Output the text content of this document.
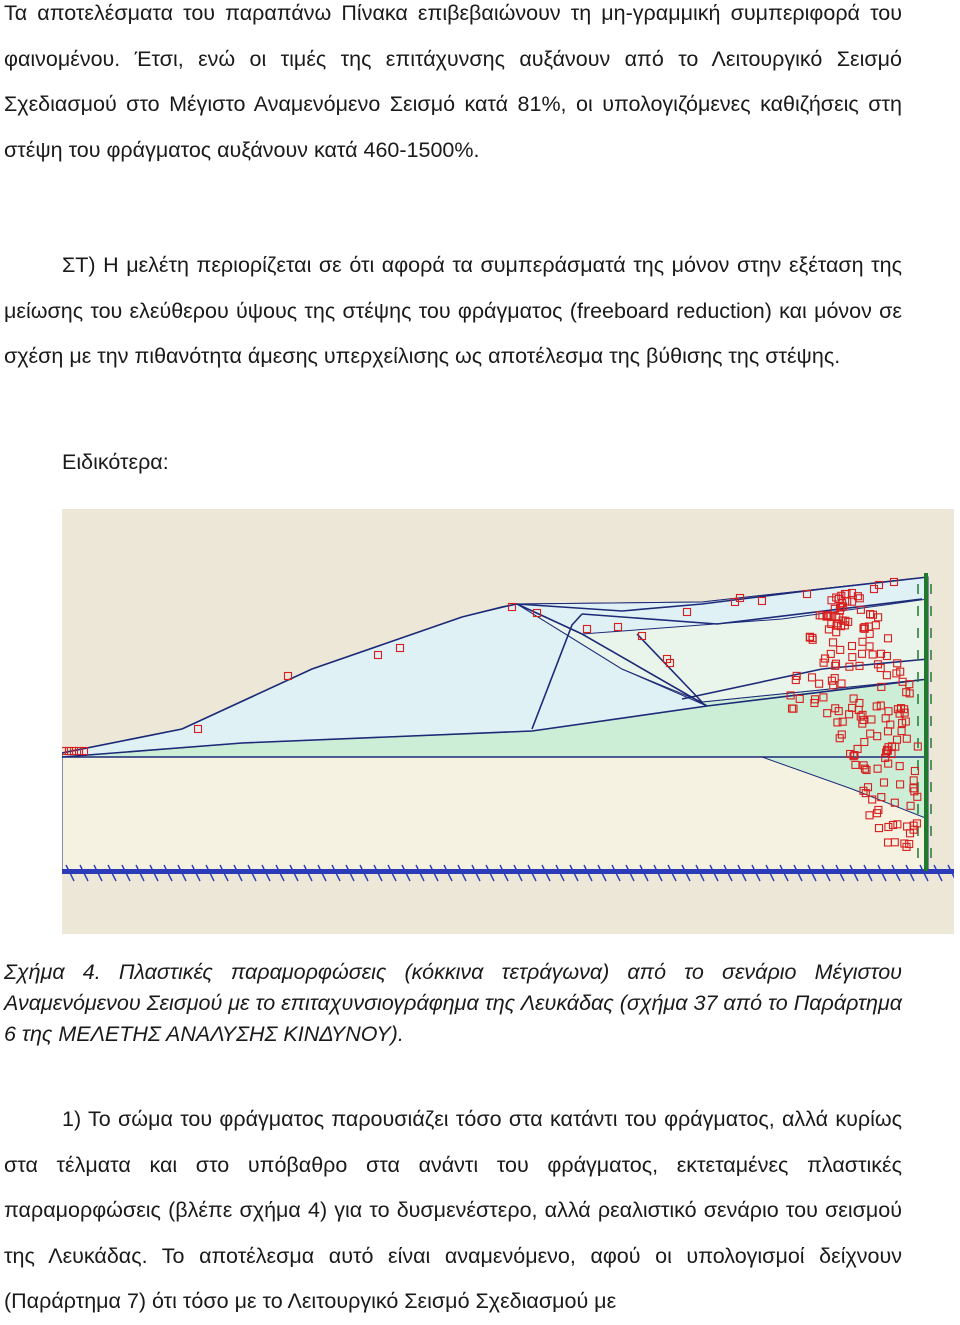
Τα αποτελέσματα του παραπάνω Πίνακα επιβεβαιώνουν τη μη-γραμμική συμπεριφορά του φαινομένου. Έτσι, ενώ οι τιμές της επιτάχυνσης αυξάνουν από το Λειτουργικό Σεισμό Σχεδιασμού στο Μέγιστο Αναμενόμενο Σεισμό κατά 81%, οι υπολογιζόμενες καθιζήσεις στη στέψη του φράγματος αυξάνουν κατά 460-1500%.

ΣΤ) Η μελέτη περιορίζεται σε ότι αφορά τα συμπεράσματά της μόνον στην εξέταση της μείωσης του ελεύθερου ύψους της στέψης του φράγματος (freeboard reduction) και μόνον σε σχέση με την πιθανότητα άμεσης υπερχείλισης ως αποτέλεσμα της βύθισης της στέψης.

Ειδικότερα:

Σχήμα 4. Πλαστικές παραμορφώσεις (κόκκινα τετράγωνα) από το σενάριο Μέγιστου Αναμενόμενου Σεισμού με το επιταχυνσιογράφημα της Λευκάδας (σχήμα 37 από το Παράρτημα 6 της ΜΕΛΕΤΗΣ ΑΝΑΛΥΣΗΣ ΚΙΝΔΥΝΟΥ).

1) Το σώμα του φράγματος παρουσιάζει τόσο στα κατάντι του φράγματος, αλλά κυρίως στα τέλματα και στο υπόβαθρο στα ανάντι του φράγματος, εκτεταμένες πλαστικές παραμορφώσεις (βλέπε σχήμα 4) για το δυσμενέστερο, αλλά ρεαλιστικό σενάριο του σεισμού της Λευκάδας. Το αποτέλεσμα αυτό είναι αναμενόμενο, αφού οι υπολογισμοί δείχνουν (Παράρτημα 7) ότι τόσο με το Λειτουργικό Σεισμό Σχεδιασμού με
